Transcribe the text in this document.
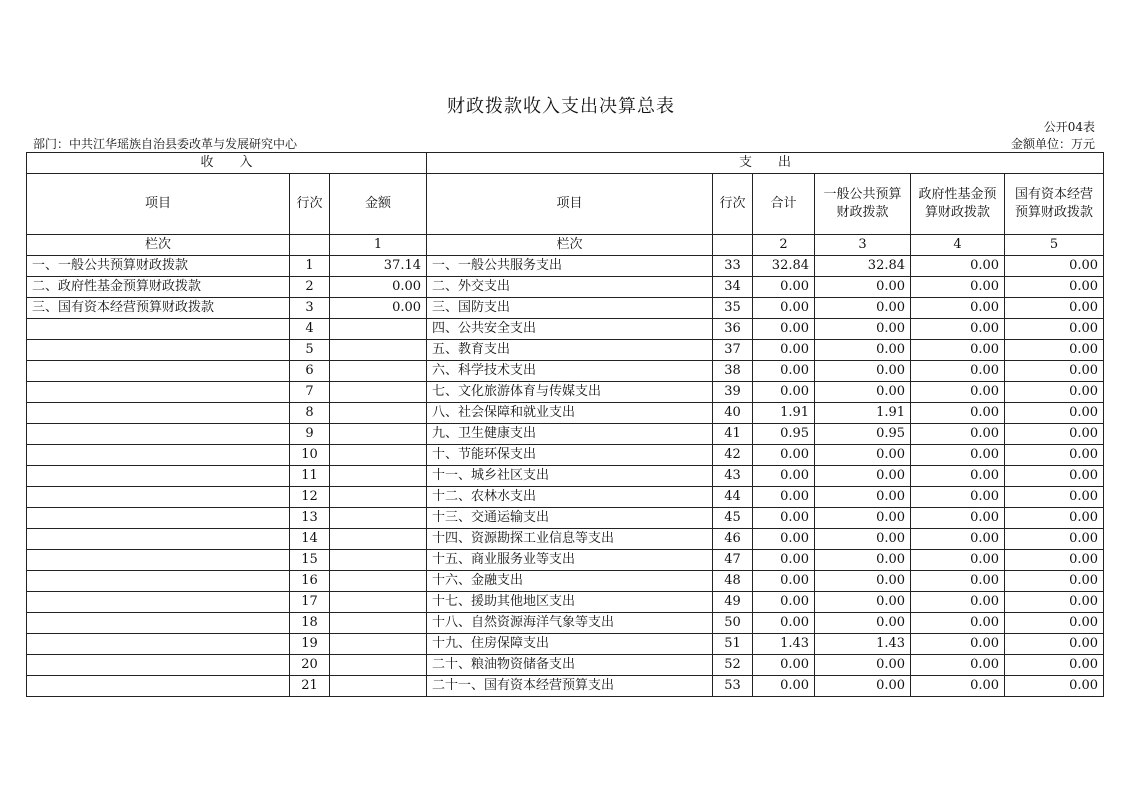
财政拨款收入支出决算总表
公开04表
部门：中共江华瑶族自治县委改革与发展研究中心	金额单位：万元
收　　入			支　　出					
项目	行次	金额	项目	行次	合计	一般公共预算财政拨款	政府性基金预算财政拨款	国有资本经营预算财政拨款
栏次		1	栏次		2	3	4	5
一、一般公共预算财政拨款	1	37.14	一、一般公共服务支出	33	32.84	32.84	0.00	0.00
二、政府性基金预算财政拨款	2	0.00	二、外交支出	34	0.00	0.00	0.00	0.00
三、国有资本经营预算财政拨款	3	0.00	三、国防支出	35	0.00	0.00	0.00	0.00
	4		四、公共安全支出	36	0.00	0.00	0.00	0.00
	5		五、教育支出	37	0.00	0.00	0.00	0.00
	6		六、科学技术支出	38	0.00	0.00	0.00	0.00
	7		七、文化旅游体育与传媒支出	39	0.00	0.00	0.00	0.00
	8		八、社会保障和就业支出	40	1.91	1.91	0.00	0.00
	9		九、卫生健康支出	41	0.95	0.95	0.00	0.00
	10		十、节能环保支出	42	0.00	0.00	0.00	0.00
	11		十一、城乡社区支出	43	0.00	0.00	0.00	0.00
	12		十二、农林水支出	44	0.00	0.00	0.00	0.00
	13		十三、交通运输支出	45	0.00	0.00	0.00	0.00
	14		十四、资源勘探工业信息等支出	46	0.00	0.00	0.00	0.00
	15		十五、商业服务业等支出	47	0.00	0.00	0.00	0.00
	16		十六、金融支出	48	0.00	0.00	0.00	0.00
	17		十七、援助其他地区支出	49	0.00	0.00	0.00	0.00
	18		十八、自然资源海洋气象等支出	50	0.00	0.00	0.00	0.00
	19		十九、住房保障支出	51	1.43	1.43	0.00	0.00
	20		二十、粮油物资储备支出	52	0.00	0.00	0.00	0.00
	21		二十一、国有资本经营预算支出	53	0.00	0.00	0.00	0.00
